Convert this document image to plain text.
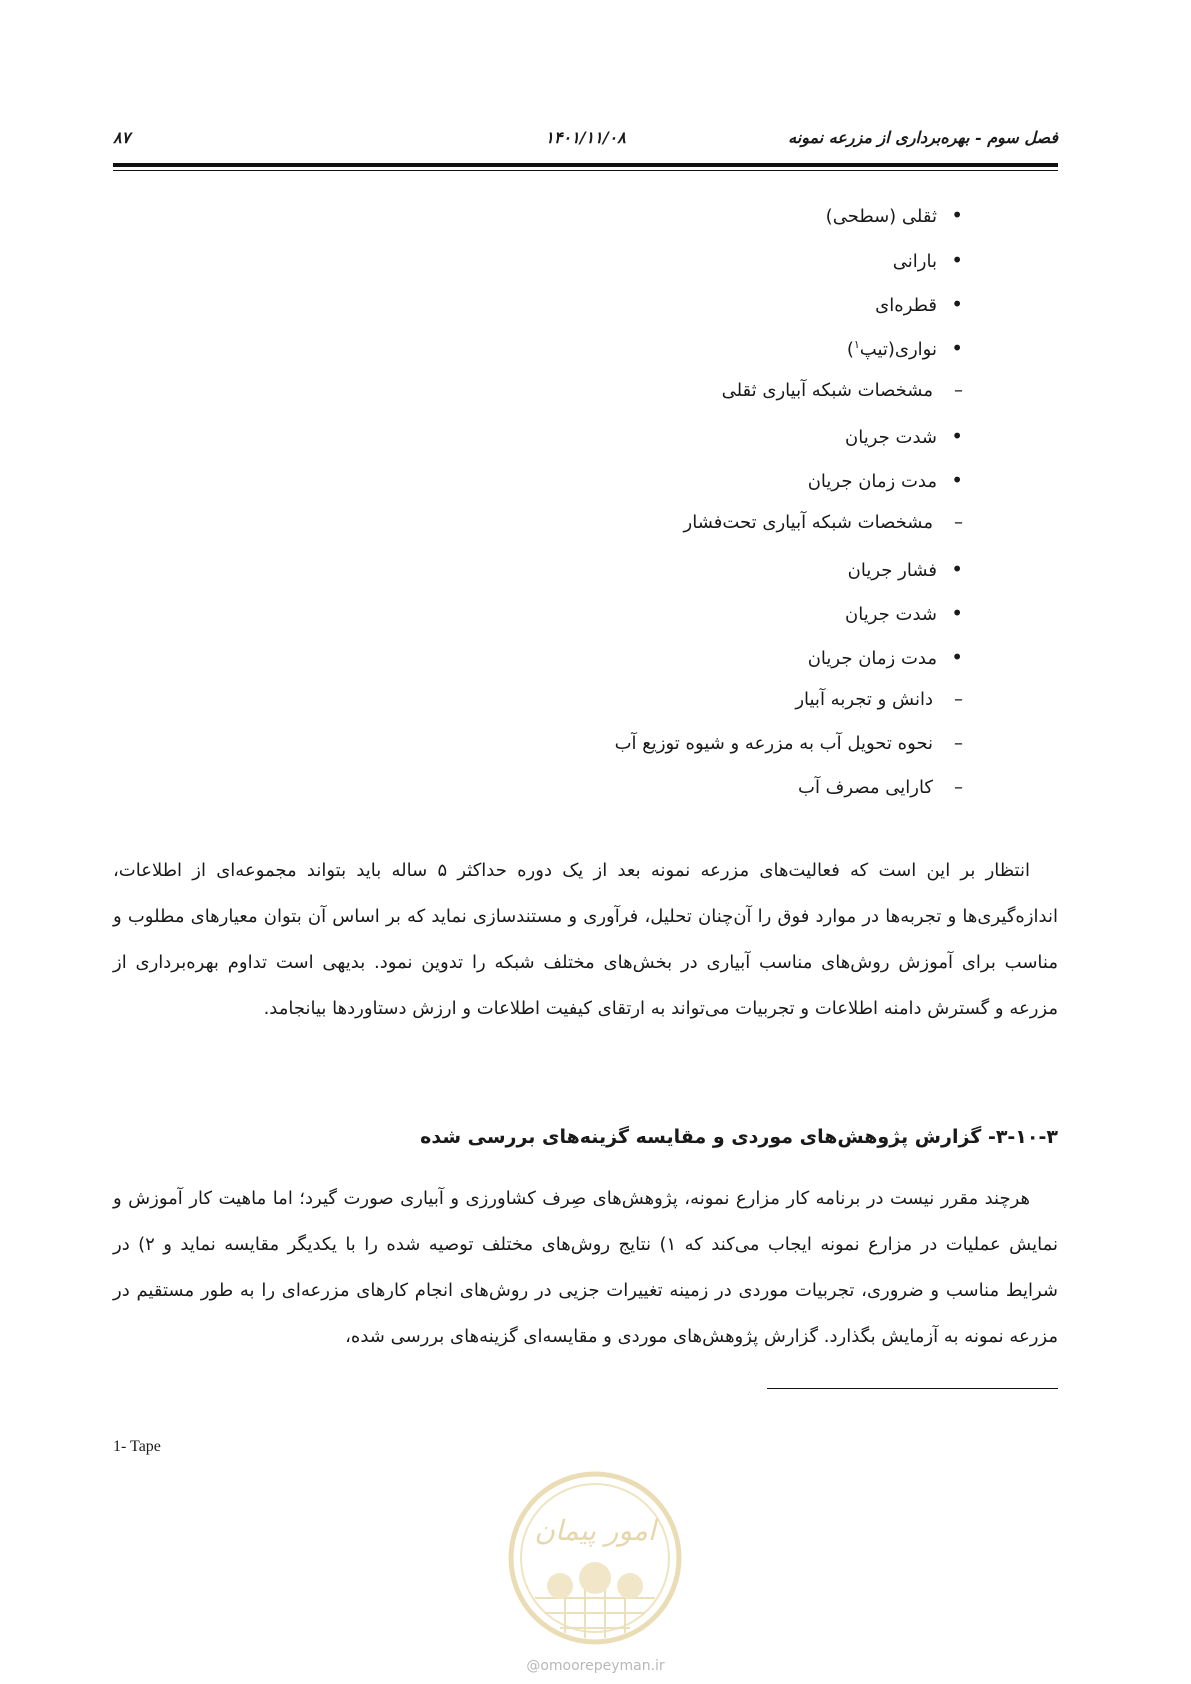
فصل سوم - بهره‌برداری از مزرعه نمونه
۱۴۰۱/۱۱/۰۸
۸۷
•ثقلی (سطحی)
•بارانی
•قطره‌ای
•نواری(تیپ$^۱$)
–مشخصات شبکه آبیاری ثقلی
•شدت جریان
•مدت زمان جریان
–مشخصات شبکه آبیاری تحت‌فشار
•فشار جریان
•شدت جریان
•مدت زمان جریان
–دانش و تجربه آبیار
–نحوه تحویل آب به مزرعه و شیوه توزیع آب
–کارایی مصرف آب
انتظار بر این است که فعالیت‌های مزرعه نمونه بعد از یک دوره حداکثر ۵ ساله باید بتواند مجموعه‌ای از اطلاعات، اندازه‌گیری‌ها و تجربه‌ها در موارد فوق را آن‌چنان تحلیل، فرآوری و مستندسازی نماید که بر اساس آن بتوان معیارهای مطلوب و مناسب برای آموزش روش‌های مناسب آبیاری در بخش‌های مختلف شبکه را تدوین نمود. بدیهی است تداوم بهره‌برداری از مزرعه و گسترش دامنه اطلاعات و تجربیات می‌تواند به ارتقای کیفیت اطلاعات و ارزش دستاوردها بیانجامد.
۳-۱۰-۳- گزارش پژوهش‌های موردی و مقایسه گزینه‌های بررسی شده
هرچند مقرر نیست در برنامه کار مزارع نمونه، پژوهش‌های صِرف کشاورزی و آبیاری صورت گیرد؛ اما ماهیت کار آموزش و نمایش عملیات در مزارع نمونه ایجاب می‌کند که ۱) نتایج روش‌های مختلف توصیه شده را با یکدیگر مقایسه نماید و ۲) در شرایط مناسب و ضروری، تجربیات موردی در زمینه تغییرات جزیی در روش‌های انجام کارهای مزرعه‌ای را به طور مستقیم در مزرعه نمونه به آزمایش بگذارد. گزارش پژوهش‌های موردی و مقایسه‌ای گزینه‌های بررسی شده،
1- Tape
امور پیمان
@omoorepeyman.ir
